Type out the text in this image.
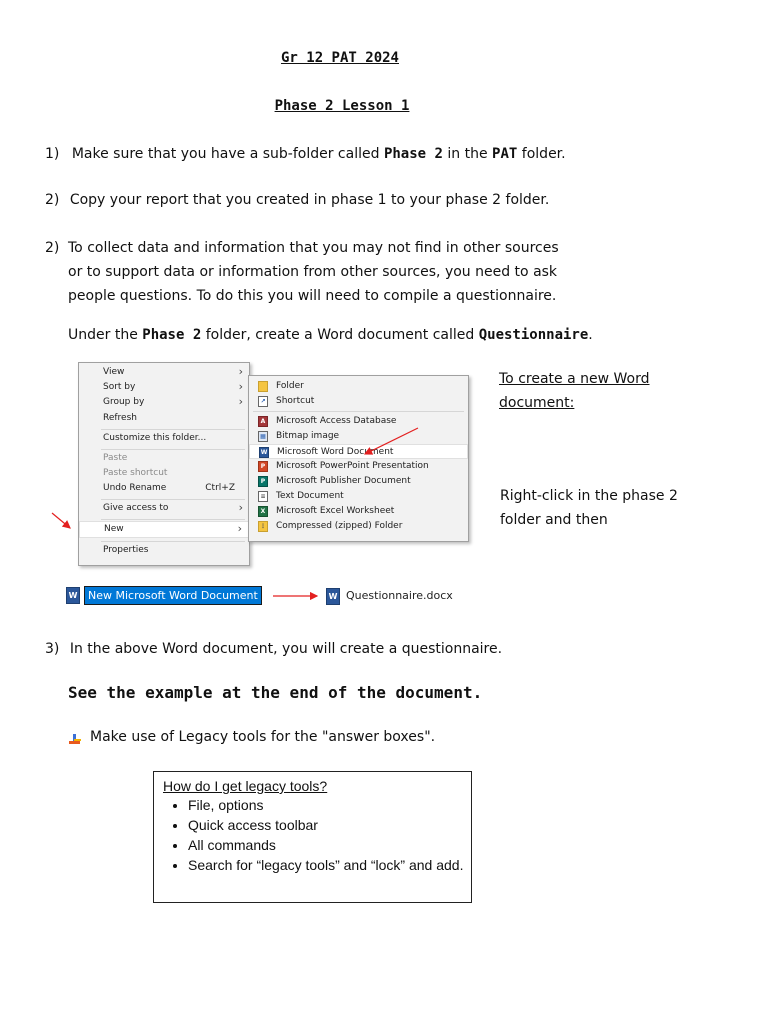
Gr 12 PAT 2024
Phase 2 Lesson 1
1) Make sure that you have a sub-folder called Phase 2 in the PAT folder.
2) Copy your report that you created in phase 1 to your phase 2 folder.
2) To collect data and information that you may not find in other sources
or to support data or information from other sources, you need to ask
people questions. To do this you will need to compile a questionnaire.
Under the Phase 2 folder, create a Word document called Questionnaire.
View	›
Sort by	›
Group by	›
Refresh
Customize this folder...
Paste
Paste shortcut
Undo Rename	Ctrl+Z
Give access to	›
New	›
Properties
Folder
↗ Shortcut
A Microsoft Access Database
▦ Bitmap image
W Microsoft Word Document
P	Microsoft PowerPoint Presentation
P	Microsoft Publisher Document
≡ Text Document
X Microsoft Excel Worksheet
⋮ Compressed (zipped) Folder
To create a new Word
document:
Right-click in the phase 2
folder and then
W New Microsoft Word Document	W Questionnaire.docx
3) In the above Word document, you will create a questionnaire.
See the example at the end of the document.
Make use of Legacy tools for the "answer boxes".
How do I get legacy tools?
• File, options
• Quick access toolbar
• All commands
• Search for “legacy tools” and “lock” and add.
